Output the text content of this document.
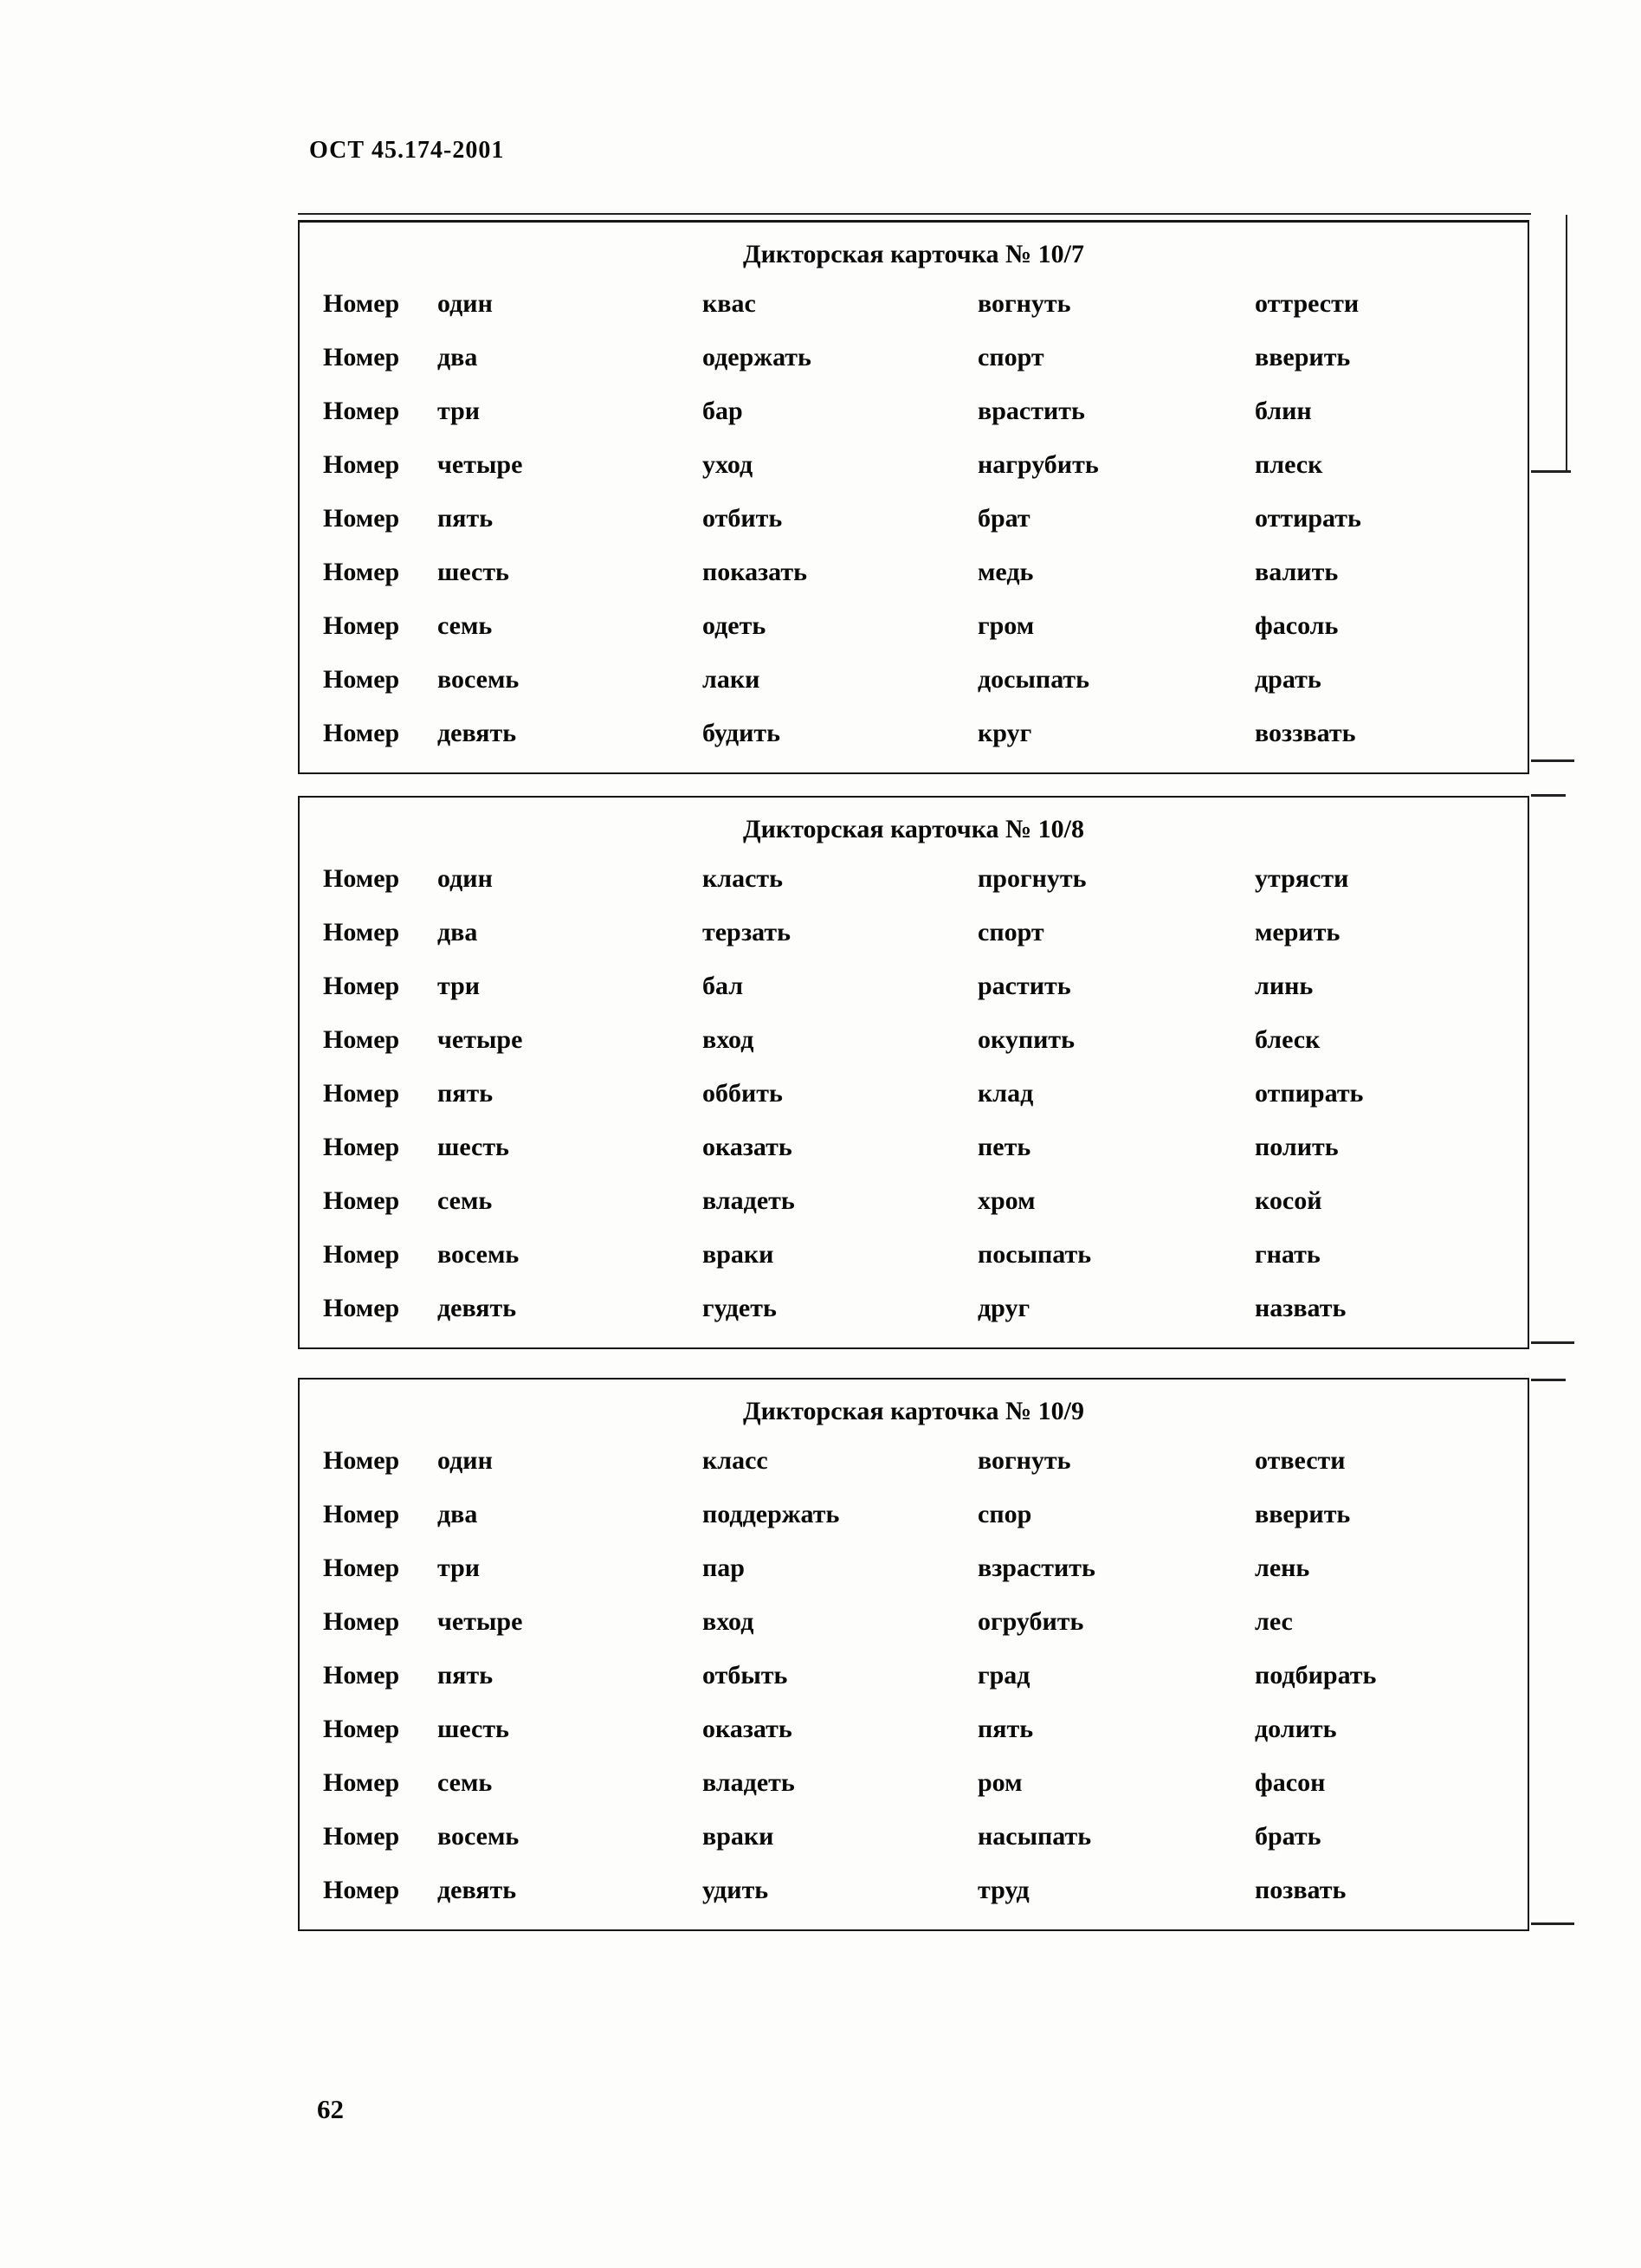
ОСТ 45.174-2001
Дикторская карточка № 10/7
Номер	один	квас	вогнуть	оттрести
Номер	два	одержать	спорт	вверить
Номер	три	бар	врастить	блин
Номер	четыре	уход	нагрубить	плеск
Номер	пять	отбить	брат	оттирать
Номер	шесть	показать	медь	валить
Номер	семь	одеть	гром	фасоль
Номер	восемь	лаки	досыпать	драть
Номер	девять	будить	круг	воззвать
Дикторская карточка № 10/8
Номер	один	класть	прогнуть	утрясти
Номер	два	терзать	спорт	мерить
Номер	три	бал	растить	линь
Номер	четыре	вход	окупить	блеск
Номер	пять	оббить	клад	отпирать
Номер	шесть	оказать	петь	полить
Номер	семь	владеть	хром	косой
Номер	восемь	враки	посыпать	гнать
Номер	девять	гудеть	друг	назвать
Дикторская карточка № 10/9
Номер	один	класс	вогнуть	отвести
Номер	два	поддержать	спор	вверить
Номер	три	пар	взрастить	лень
Номер	четыре	вход	огрубить	лес
Номер	пять	отбыть	град	подбирать
Номер	шесть	оказать	пять	долить
Номер	семь	владеть	ром	фасон
Номер	восемь	враки	насыпать	брать
Номер	девять	удить	труд	позвать
62
